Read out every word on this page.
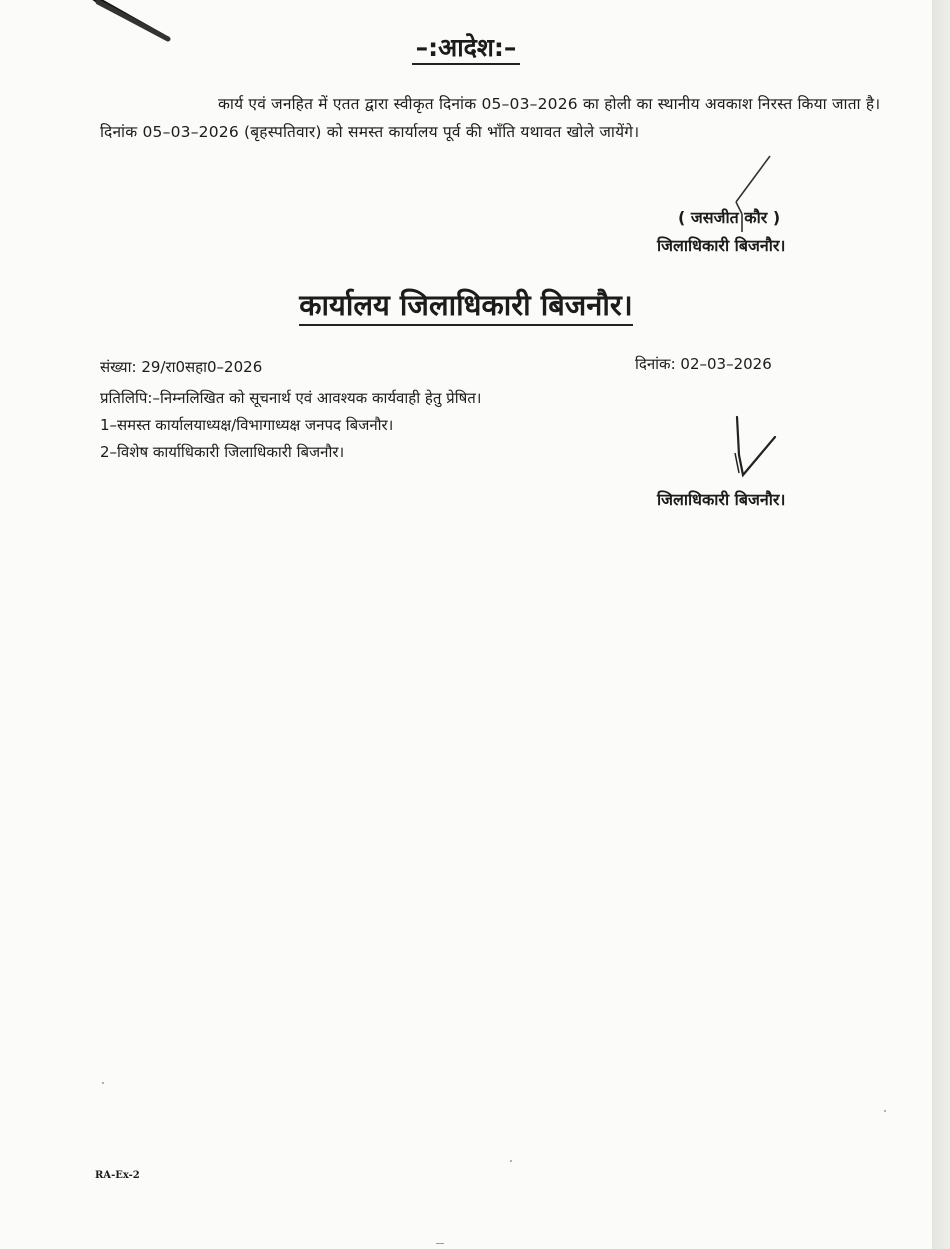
–:आदेश:–
कार्य एवं जनहित में एतत द्वारा स्वीकृत दिनांक 05–03–2026 का होली का स्थानीय अवकाश निरस्त किया जाता है। दिनांक 05–03–2026 (बृहस्पतिवार) को समस्त कार्यालय पूर्व की भाँति यथावत खोले जायेंगे।
( जसजीत कौर )
जिलाधिकारी बिजनौर।
कार्यालय जिलाधिकारी बिजनौर।
संख्या: 29/रा0सहा0–2026	दिनांक: 02–03–2026
प्रतिलिपि:–निम्नलिखित को सूचनार्थ एवं आवश्यक कार्यवाही हेतु प्रेषित।
1–समस्त कार्यालयाध्यक्ष/विभागाध्यक्ष जनपद बिजनौर।
2–विशेष कार्याधिकारी जिलाधिकारी बिजनौर।
जिलाधिकारी बिजनौर।
RA-Ex-2
